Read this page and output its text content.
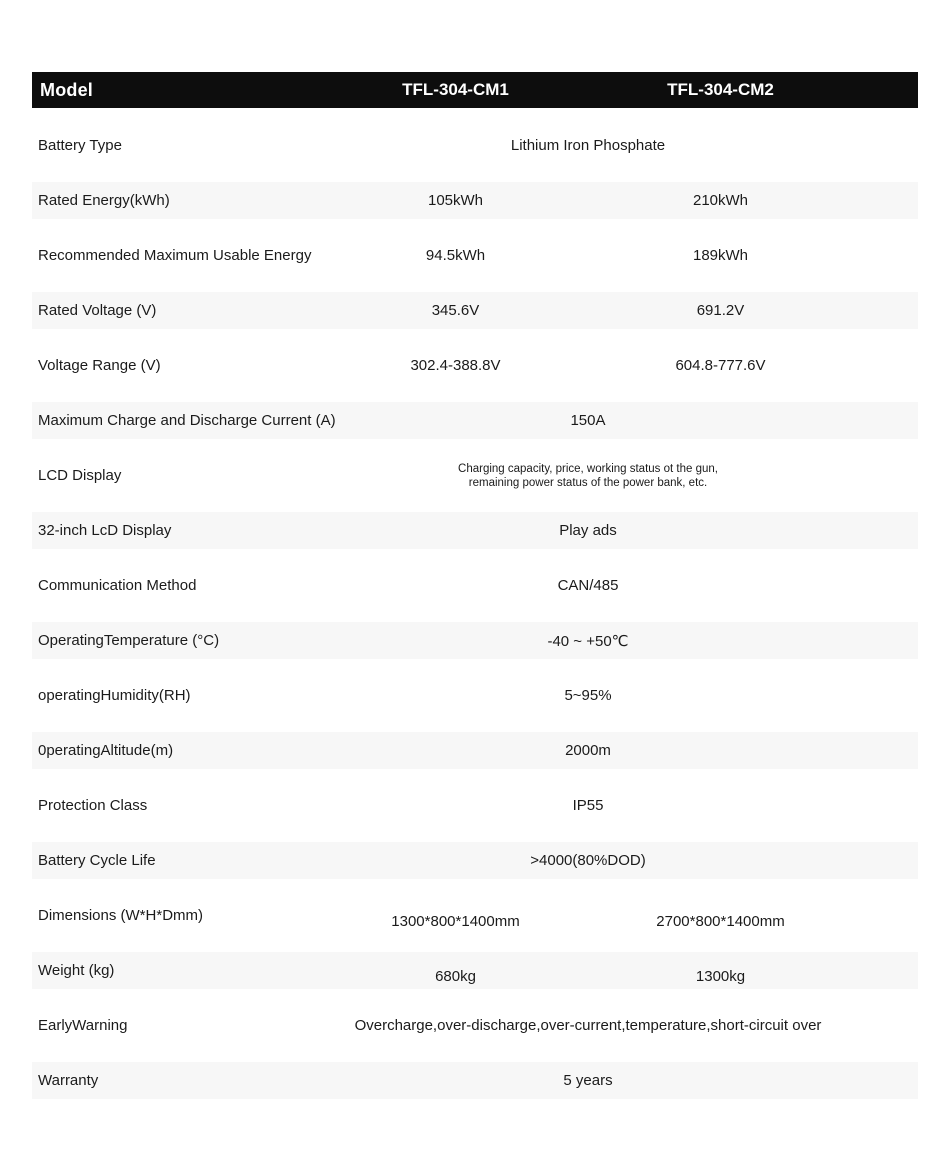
Model	TFL-304-CM1	TFL-304-CM2
Battery Type	Lithium Iron Phosphate
Rated Energy(kWh)	105kWh	210kWh
Recommended Maximum Usable Energy	94.5kWh	189kWh
Rated Voltage (V)	345.6V	691.2V
Voltage Range (V)	302.4-388.8V	604.8-777.6V
Maximum Charge and Discharge Current (A)	150A
LCD Display	Charging capacity, price, working status ot the gun,
remaining power status of the power bank, etc.
32-inch LcD Display	Play ads
Communication Method	CAN/485
OperatingTemperature (°C)	-40 ~ +50℃
operatingHumidity(RH)	5~95%
0peratingAltitude(m)	2000m
Protection Class	IP55
Battery Cycle Life	>4000(80%DOD)
Dimensions (W*H*Dmm)	1300*800*1400mm	2700*800*1400mm
Weight (kg)	680kg	1300kg
EarlyWarning	Overcharge,over-discharge,over-current,temperature,short-circuit over
Warranty	5 years
